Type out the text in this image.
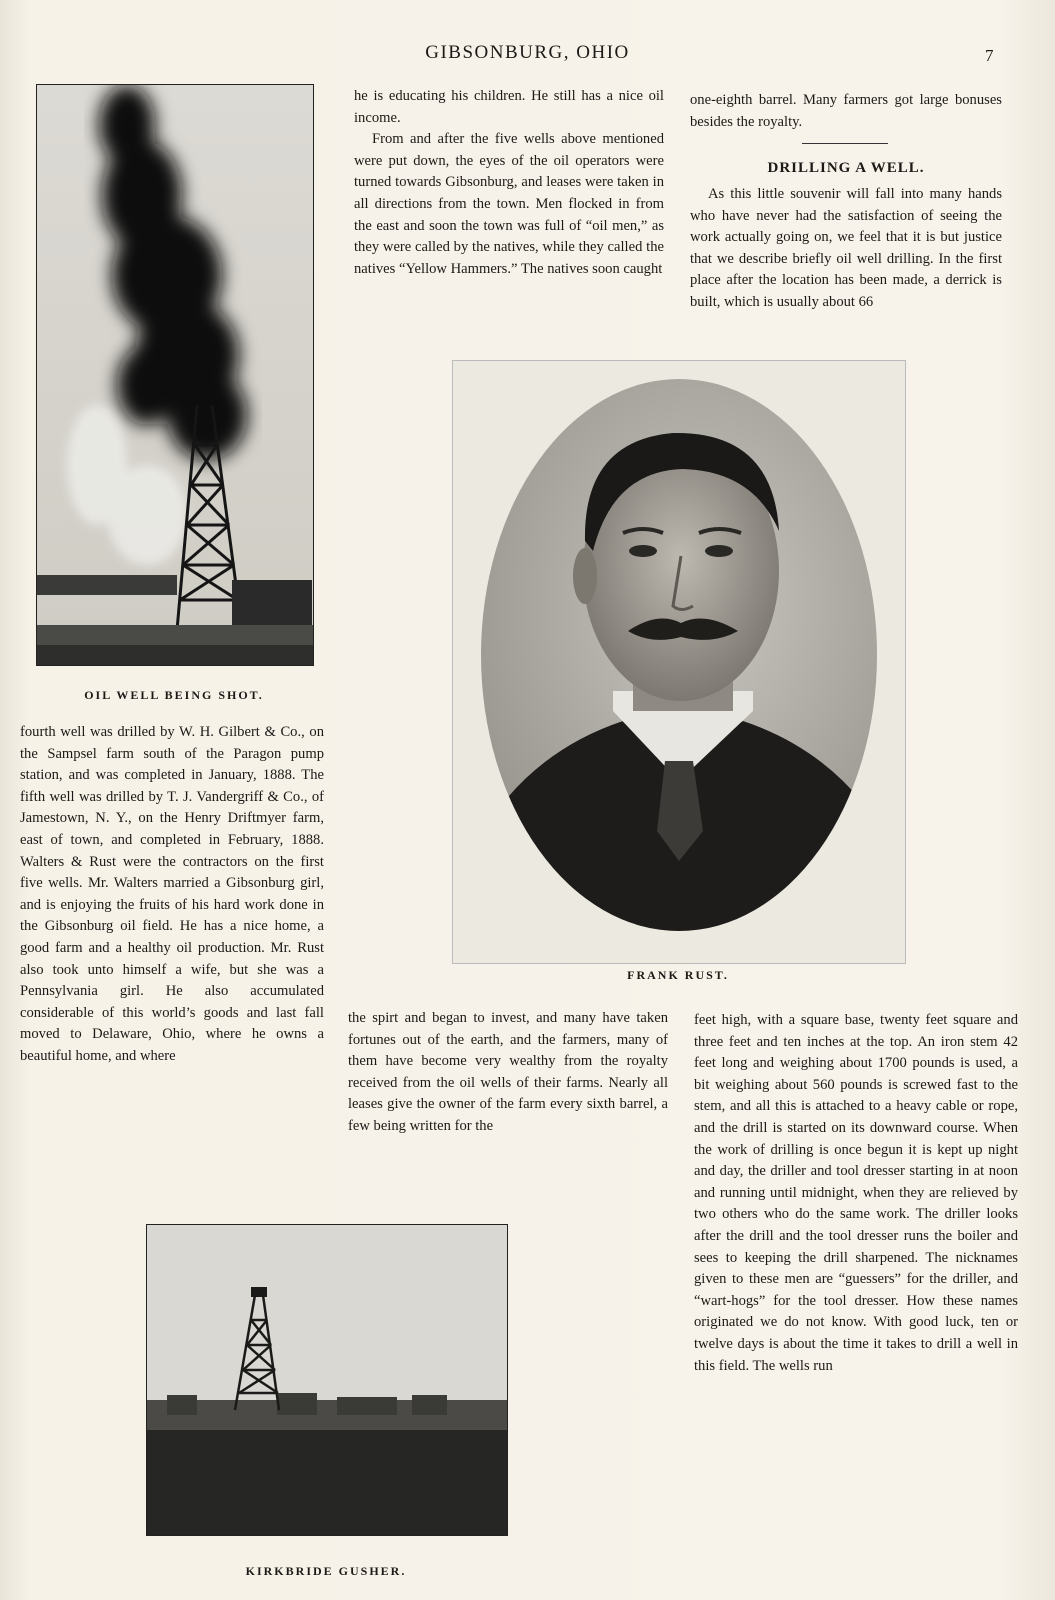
GIBSONBURG, OHIO	7
OIL WELL BEING SHOT.

fourth well was drilled by W. H. Gilbert & Co., on the Sampsel farm south of the Paragon pump station, and was completed in January, 1888. The fifth well was drilled by T. J. Vandergriff & Co., of Jamestown, N. Y., on the Henry Driftmyer farm, east of town, and completed in February, 1888. Walters & Rust were the contractors on the first five wells. Mr. Walters married a Gibsonburg girl, and is enjoying the fruits of his hard work done in the Gibsonburg oil field. He has a nice home, a good farm and a healthy oil production. Mr. Rust also took unto himself a wife, but she was a Pennsylvania girl. He also accumulated considerable of this world’s goods and last fall moved to Delaware, Ohio, where he owns a beautiful home, and where

he is educating his children. He still has a nice oil income.

From and after the five wells above mentioned were put down, the eyes of the oil operators were turned towards Gibsonburg, and leases were taken in all directions from the town. Men flocked in from the east and soon the town was full of “oil men,” as they were called by the natives, while they called the natives “Yellow Hammers.” The natives soon caught

one-eighth barrel. Many farmers got large bonuses besides the royalty.

DRILLING A WELL.

As this little souvenir will fall into many hands who have never had the satisfaction of seeing the work actually going on, we feel that it is but justice that we describe briefly oil well drilling. In the first place after the location has been made, a derrick is built, which is usually about 66

FRANK RUST.

the spirt and began to invest, and many have taken fortunes out of the earth, and the farmers, many of them have become very wealthy from the royalty received from the oil wells of their farms. Nearly all leases give the owner of the farm every sixth barrel, a few being written for the

feet high, with a square base, twenty feet square and three feet and ten inches at the top. An iron stem 42 feet long and weighing about 1700 pounds is used, a bit weighing about 560 pounds is screwed fast to the stem, and all this is attached to a heavy cable or rope, and the drill is started on its downward course. When the work of drilling is once begun it is kept up night and day, the driller and tool dresser starting in at noon and running until midnight, when they are relieved by two others who do the same work. The driller looks after the drill and the tool dresser runs the boiler and sees to keeping the drill sharpened. The nicknames given to these men are “guessers” for the driller, and “wart-hogs” for the tool dresser. How these names originated we do not know. With good luck, ten or twelve days is about the time it takes to drill a well in this field. The wells run

KIRKBRIDE GUSHER.
